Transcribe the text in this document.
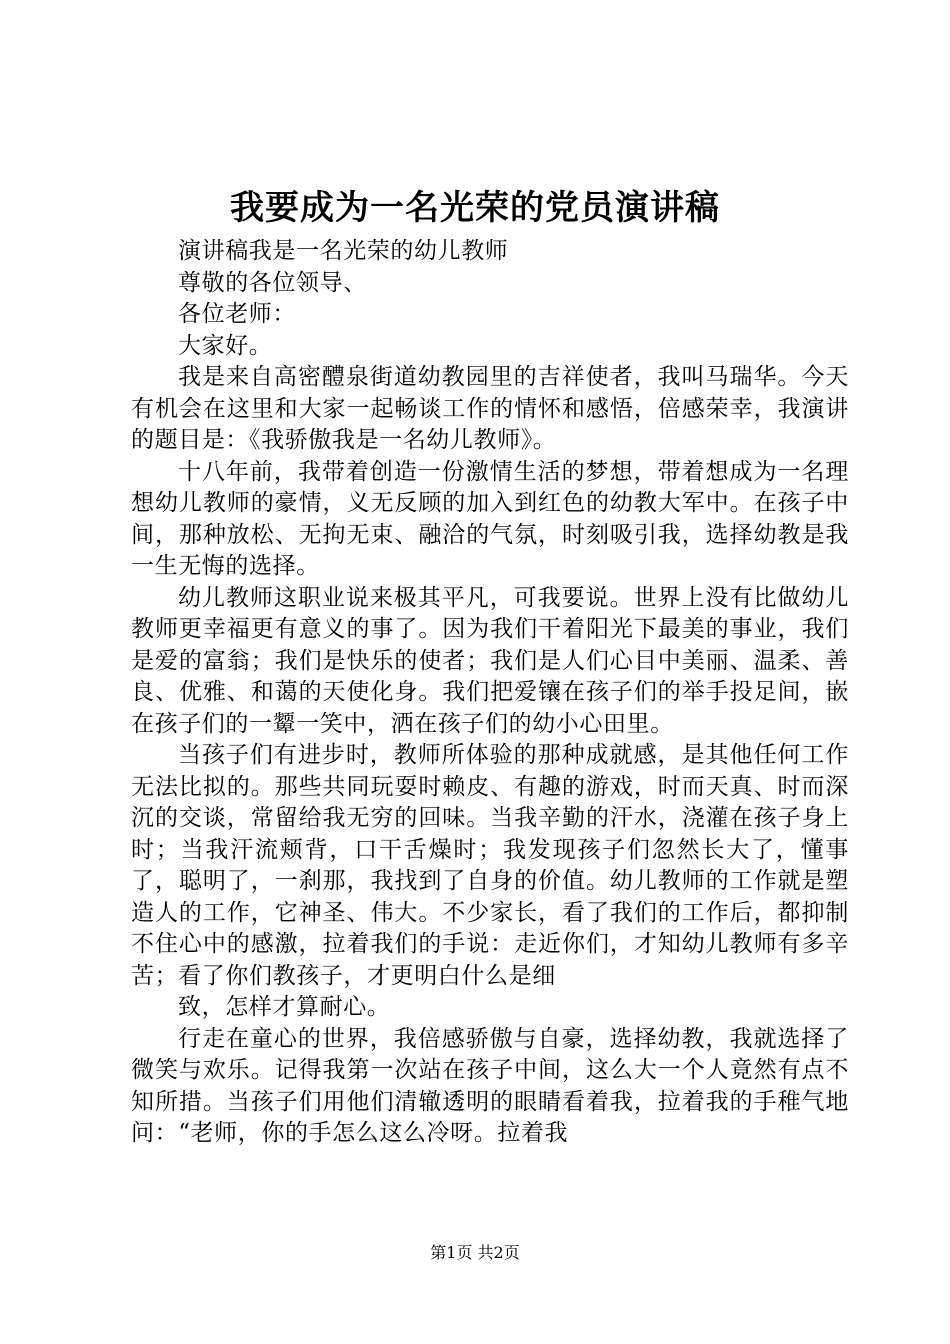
我要成为一名光荣的党员演讲稿

演讲稿我是一名光荣的幼儿教师

尊敬的各位领导、

各位老师：

大家好。

我是来自高密醴泉街道幼教园里的吉祥使者，我叫马瑞华。今天有机会在这里和大家一起畅谈工作的情怀和感悟，倍感荣幸，我演讲的题目是：《我骄傲我是一名幼儿教师》。

十八年前，我带着创造一份激情生活的梦想，带着想成为一名理想幼儿教师的豪情，义无反顾的加入到红色的幼教大军中。在孩子中间，那种放松、无拘无束、融洽的气氛，时刻吸引我，选择幼教是我一生无悔的选择。

幼儿教师这职业说来极其平凡，可我要说。世界上没有比做幼儿教师更幸福更有意义的事了。因为我们干着阳光下最美的事业，我们是爱的富翁；我们是快乐的使者；我们是人们心目中美丽、温柔、善良、优雅、和蔼的天使化身。我们把爱镶在孩子们的举手投足间，嵌在孩子们的一颦一笑中，洒在孩子们的幼小心田里。

当孩子们有进步时，教师所体验的那种成就感，是其他任何工作无法比拟的。那些共同玩耍时赖皮、有趣的游戏，时而天真、时而深沉的交谈，常留给我无穷的回味。当我辛勤的汗水，浇灌在孩子身上时；当我汗流颊背，口干舌燥时；我发现孩子们忽然长大了，懂事了，聪明了，一刹那，我找到了自身的价值。幼儿教师的工作就是塑造人的工作，它神圣、伟大。不少家长，看了我们的工作后，都抑制不住心中的感激，拉着我们的手说：走近你们，才知幼儿教师有多辛苦；看了你们教孩子，才更明白什么是细

致，怎样才算耐心。

行走在童心的世界，我倍感骄傲与自豪，选择幼教，我就选择了微笑与欢乐。记得我第一次站在孩子中间，这么大一个人竟然有点不知所措。当孩子们用他们清辙透明的眼睛看着我，拉着我的手稚气地问：“老师，你的手怎么这么冷呀。拉着我

第1页 共2页
